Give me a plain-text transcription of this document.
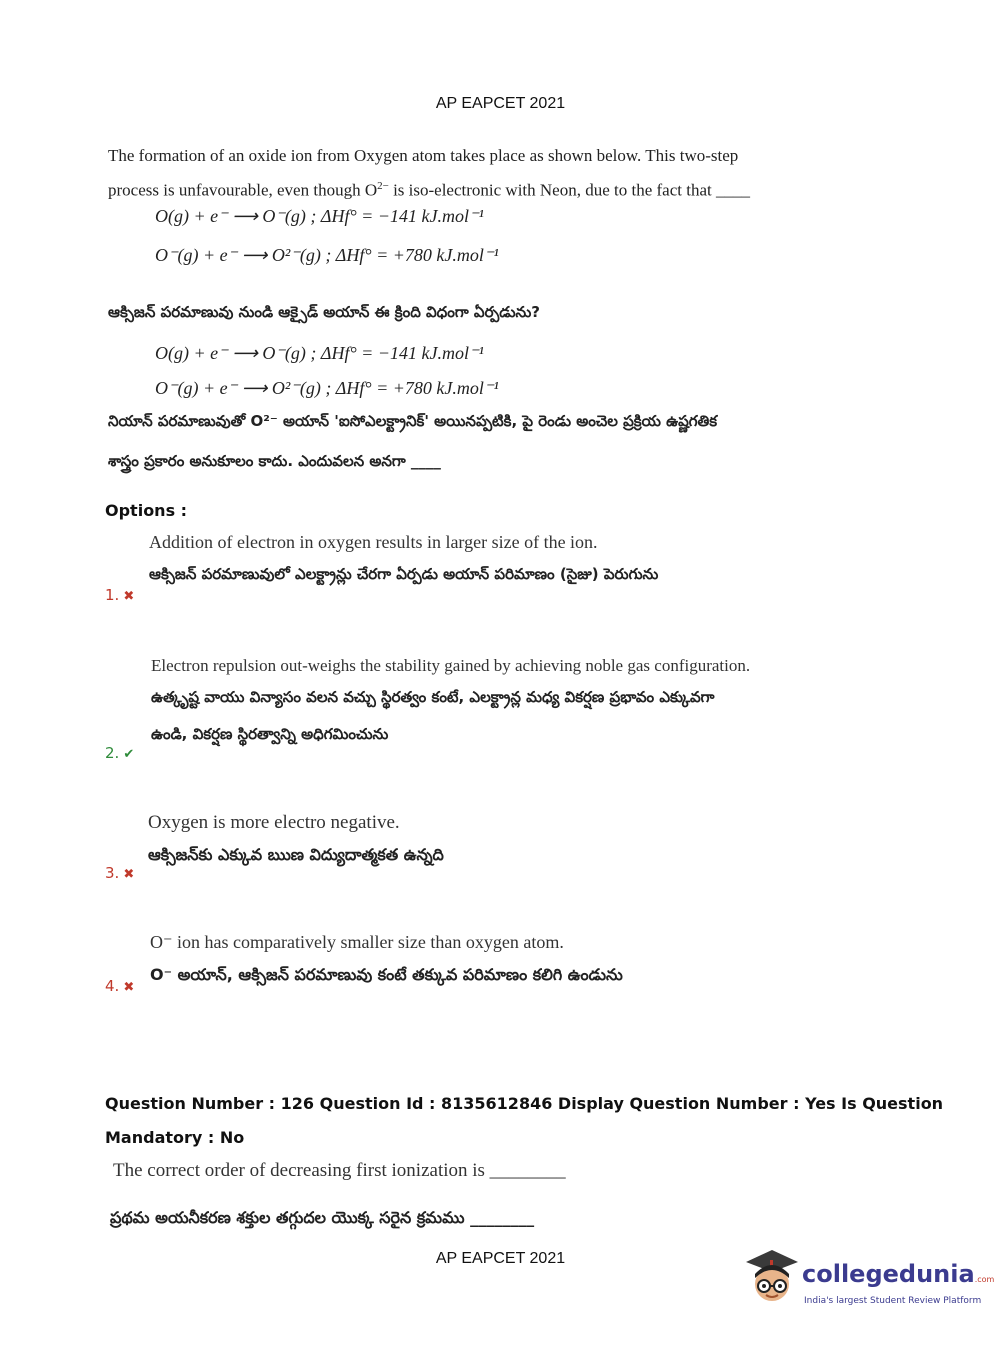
AP EAPCET 2021
The formation of an oxide ion from Oxygen atom takes place as shown below. This two-step
process is unfavourable, even though $O^{2-}$ is iso-electronic with Neon, due to the fact that ____
O(g) + e⁻ ⟶ O⁻(g) ; ΔHf° = −141 kJ.mol⁻¹
O⁻(g) + e⁻ ⟶ O²⁻(g) ; ΔHf° = +780 kJ.mol⁻¹
ఆక్సిజన్ పరమాణువు నుండి ఆక్సైడ్ అయాన్ ఈ క్రింది విధంగా ఏర్పడును?
O(g) + e⁻ ⟶ O⁻(g) ; ΔHf° = −141 kJ.mol⁻¹
O⁻(g) + e⁻ ⟶ O²⁻(g) ; ΔHf° = +780 kJ.mol⁻¹
నియాన్ పరమాణువుతో O²⁻ అయాన్ 'ఐసోఎలక్ట్రానిక్' అయినప్పటికి, పై రెండు అంచెల ప్రక్రియ ఉష్ణగతిక
శాస్త్రం ప్రకారం అనుకూలం కాదు. ఎందువలన అనగా ____
Options :
Addition of electron in oxygen results in larger size of the ion.
ఆక్సిజన్ పరమాణువులో ఎలక్ట్రాన్లు చేరగా ఏర్పడు అయాన్ పరిమాణం (సైజు) పెరుగును
1. ✖
Electron repulsion out-weighs the stability gained by achieving noble gas configuration.
ఉత్కృష్ట వాయు విన్యాసం వలన వచ్చు స్థిరత్వం కంటే, ఎలక్ట్రాన్ల మధ్య వికర్షణ ప్రభావం ఎక్కువగా
ఉండి, వికర్షణ స్థిరత్వాన్ని అధిగమించును
2. ✔
Oxygen is more electro negative.
ఆక్సిజన్‌కు ఎక్కువ ఋణ విద్యుదాత్మకత ఉన్నది
3. ✖
O⁻ ion has comparatively smaller size than oxygen atom.
O⁻ అయాన్, ఆక్సిజన్ పరమాణువు కంటే తక్కువ పరిమాణం కలిగి ఉండును
4. ✖
Question Number : 126 Question Id : 8135612846 Display Question Number : Yes Is Question
Mandatory : No
The correct order of decreasing first ionization is ________
ప్రథమ అయనీకరణ శక్తుల తగ్గుదల యొక్క సరైన క్రమము ________
AP EAPCET 2021
collegedunia.com
India's largest Student Review Platform
